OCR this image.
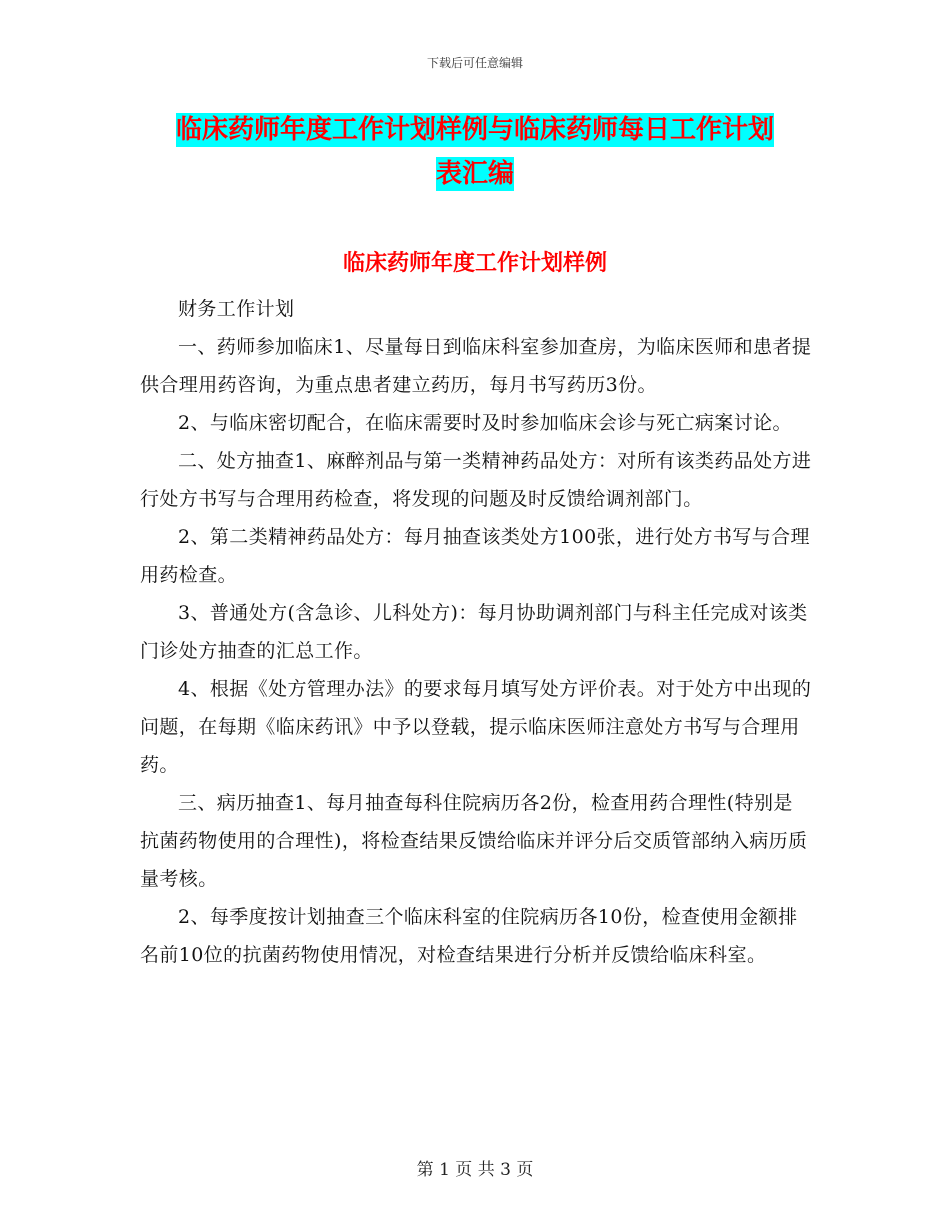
下载后可任意编辑
临床药师年度工作计划样例与临床药师每日工作计划
表汇编
临床药师年度工作计划样例

财务工作计划

一、药师参加临床1、尽量每日到临床科室参加查房，为临床医师和患者提供合理用药咨询，为重点患者建立药历，每月书写药历3份。

2、与临床密切配合，在临床需要时及时参加临床会诊与死亡病案讨论。

二、处方抽查1、麻醉剂品与第一类精神药品处方：对所有该类药品处方进行处方书写与合理用药检查，将发现的问题及时反馈给调剂部门。

2、第二类精神药品处方：每月抽查该类处方100张，进行处方书写与合理用药检查。

3、普通处方(含急诊、儿科处方)：每月协助调剂部门与科主任完成对该类门诊处方抽查的汇总工作。

4、根据《处方管理办法》的要求每月填写处方评价表。对于处方中出现的问题，在每期《临床药讯》中予以登载，提示临床医师注意处方书写与合理用药。

三、病历抽查1、每月抽查每科住院病历各2份，检查用药合理性(特别是抗菌药物使用的合理性)，将检查结果反馈给临床并评分后交质管部纳入病历质量考核。

2、每季度按计划抽查三个临床科室的住院病历各10份，检查使用金额排名前10位的抗菌药物使用情况，对检查结果进行分析并反馈给临床科室。

第 1 页 共 3 页
